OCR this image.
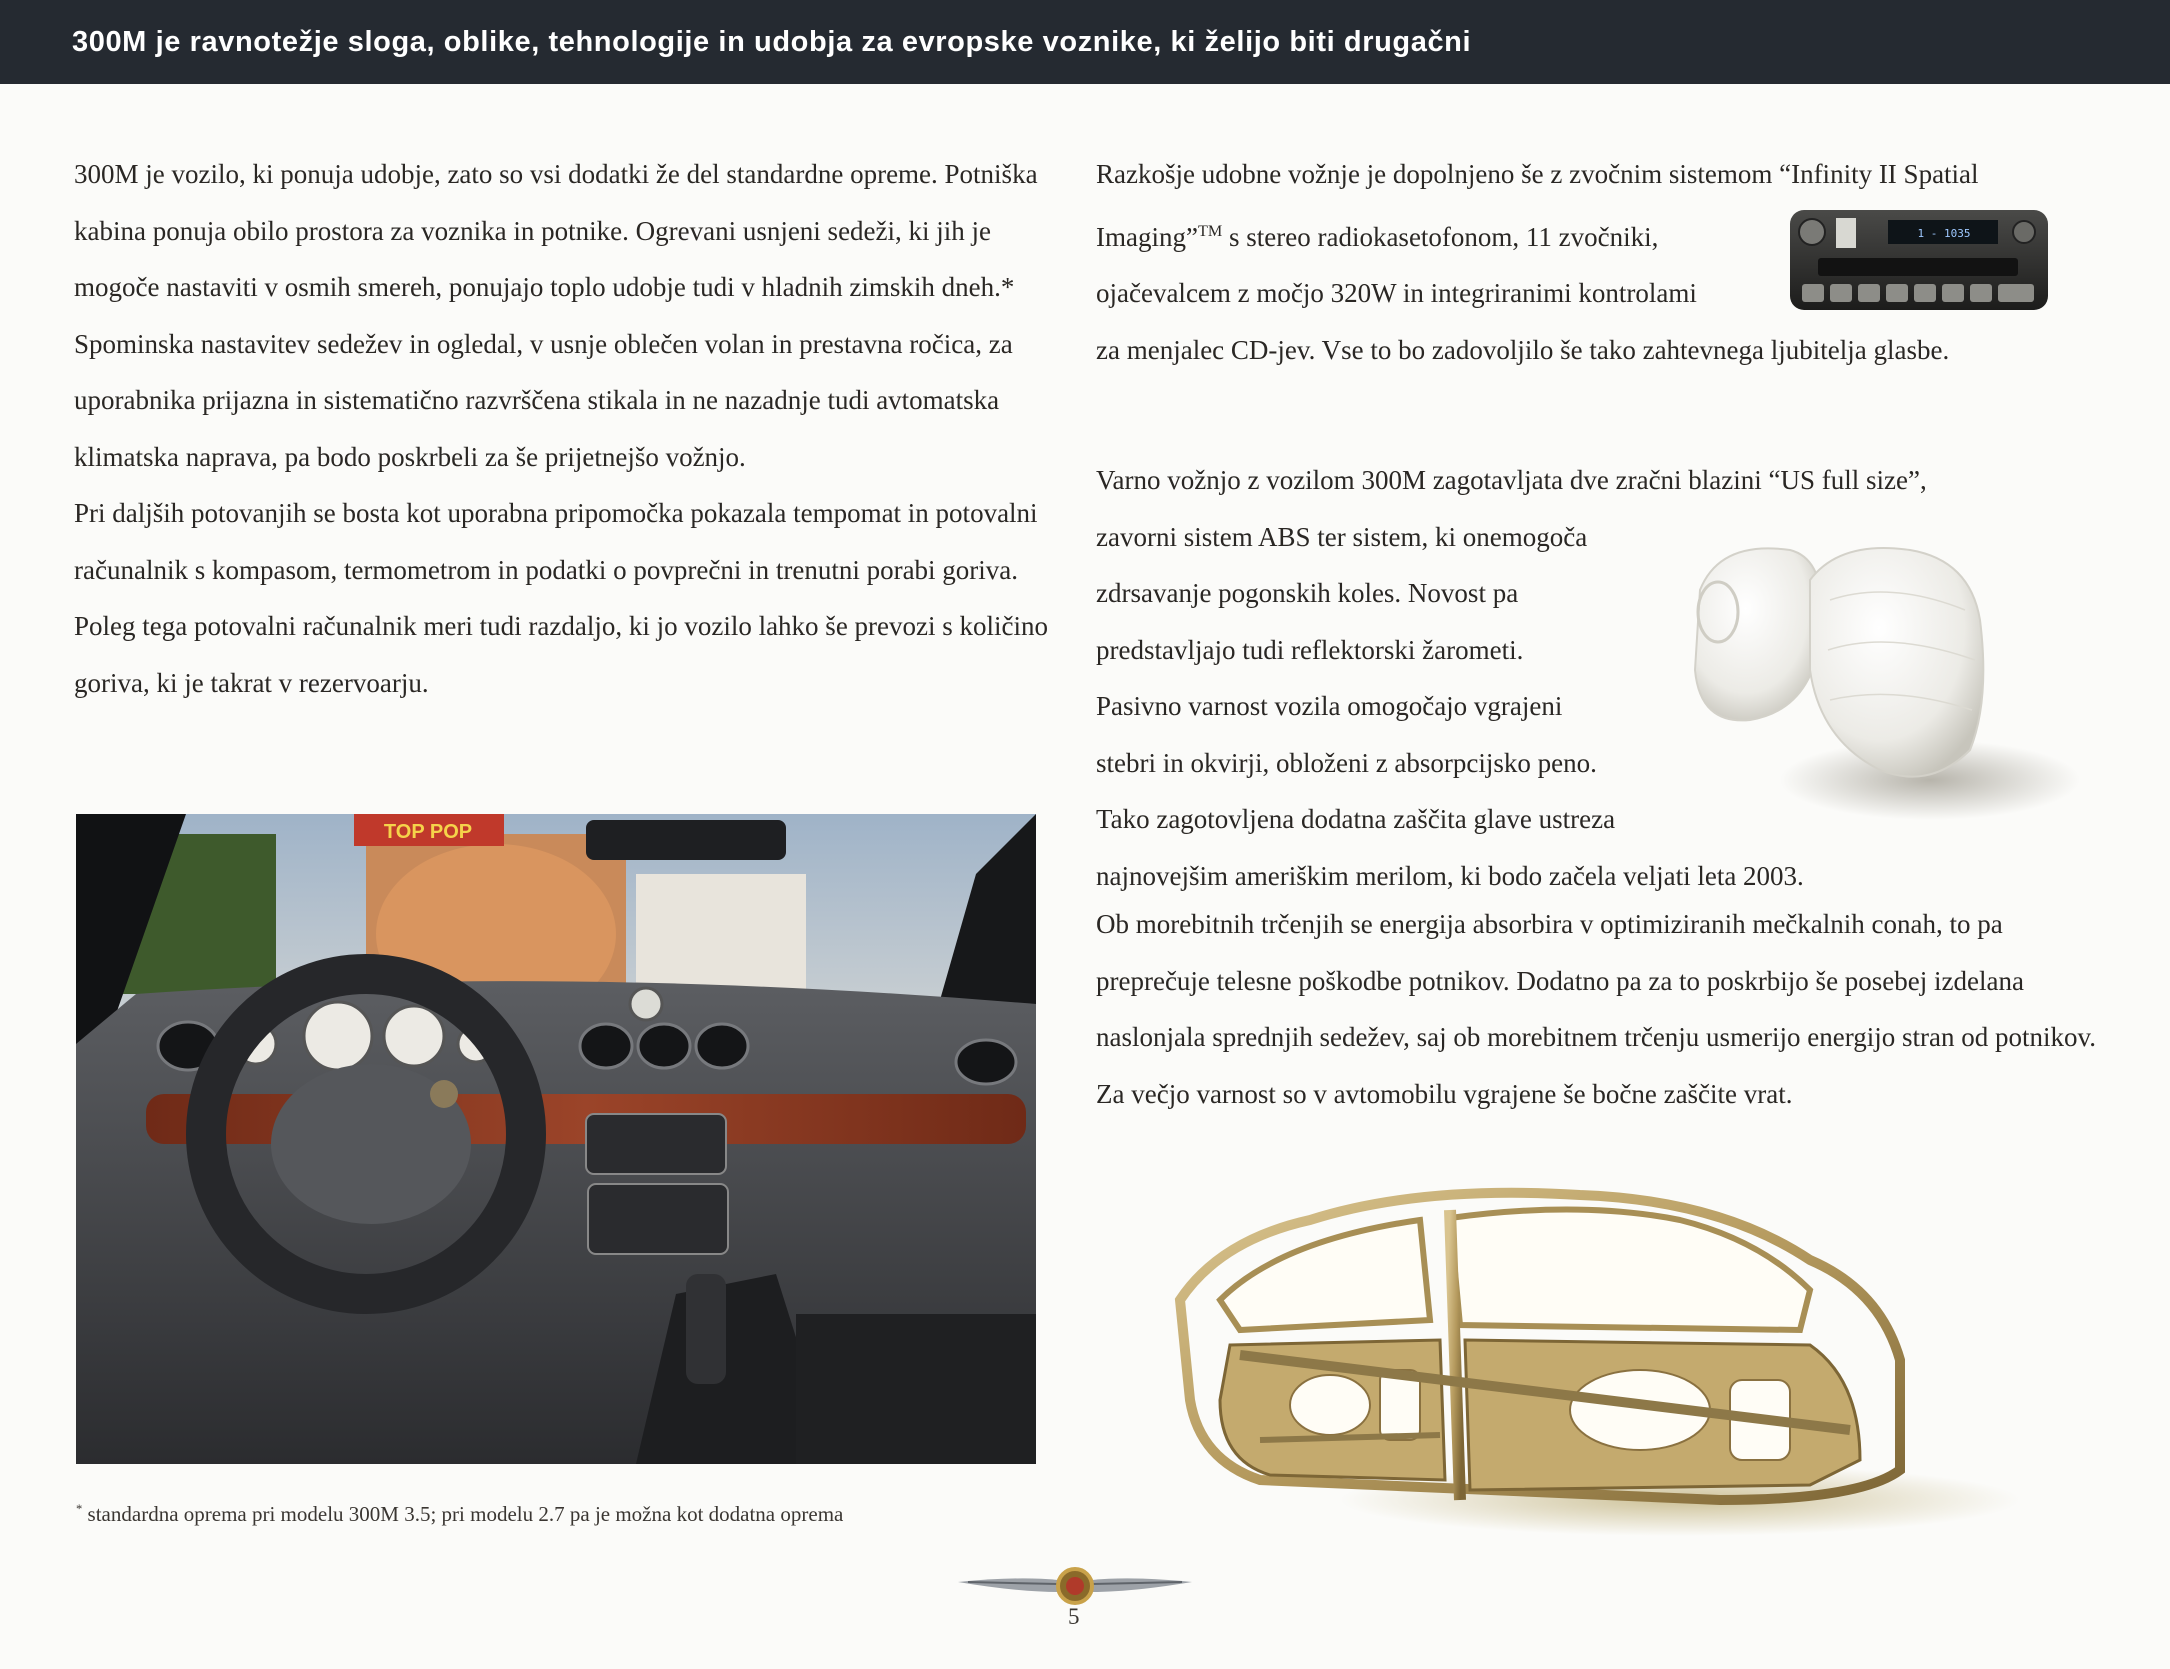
300M je ravnotežje sloga, oblike, tehnologije in udobja za evropske voznike, ki želijo biti drugačni

300M je vozilo, ki ponuja udobje, zato so vsi dodatki že del standardne opreme. Potniška kabina ponuja obilo prostora za voznika in potnike. Ogrevani usnjeni sedeži, ki jih je mogoče nastaviti v osmih smereh, ponujajo toplo udobje tudi v hladnih zimskih dneh.* Spominska nastavitev sedežev in ogledal, v usnje oblečen volan in prestavna ročica, za uporabnika prijazna in sistematično razvrščena stikala in ne nazadnje tudi avtomatska klimatska naprava, pa bodo poskrbeli za še prijetnejšo vožnjo.

Pri daljših potovanjih se bosta kot uporabna pripomočka pokazala tempomat in potovalni računalnik s kompasom, termometrom in podatki o povprečni in trenutni porabi goriva. Poleg tega potovalni računalnik meri tudi razdaljo, ki jo vozilo lahko še prevozi s količino goriva, ki je takrat v rezervoarju.

Razkošje udobne vožnje je dopolnjeno še z zvočnim sistemom “Infinity II Spatial
Imaging”™ s stereo radiokasetofonom, 11 zvočniki,
ojačevalcem z močjo 320W in integriranimi kontrolami
za menjalec CD-jev. Vse to bo zadovoljilo še tako zahtevnega ljubitelja glasbe.
1 - 1035
Varno vožnjo z vozilom 300M zagotavljata dve zračni blazini “US full size”,
zavorni sistem ABS ter sistem, ki onemogoča
zdrsavanje pogonskih koles. Novost pa
predstavljajo tudi reflektorski žarometi.
Pasivno varnost vozila omogočajo vgrajeni
stebri in okvirji, obloženi z absorpcijsko peno.
Tako zagotovljena dodatna zaščita glave ustreza
najnovejšim ameriškim merilom, ki bodo začela veljati leta 2003.
Ob morebitnih trčenjih se energija absorbira v optimiziranih mečkalnih conah, to pa preprečuje telesne poškodbe potnikov. Dodatno pa za to poskrbijo še posebej izdelana naslonjala sprednjih sedežev, saj ob morebitnem trčenju usmerijo energijo stran od potnikov. Za večjo varnost so v avtomobilu vgrajene še bočne zaščite vrat.
TOP POP
* standardna oprema pri modelu 300M 3.5; pri modelu 2.7 pa je možna kot dodatna oprema
5
